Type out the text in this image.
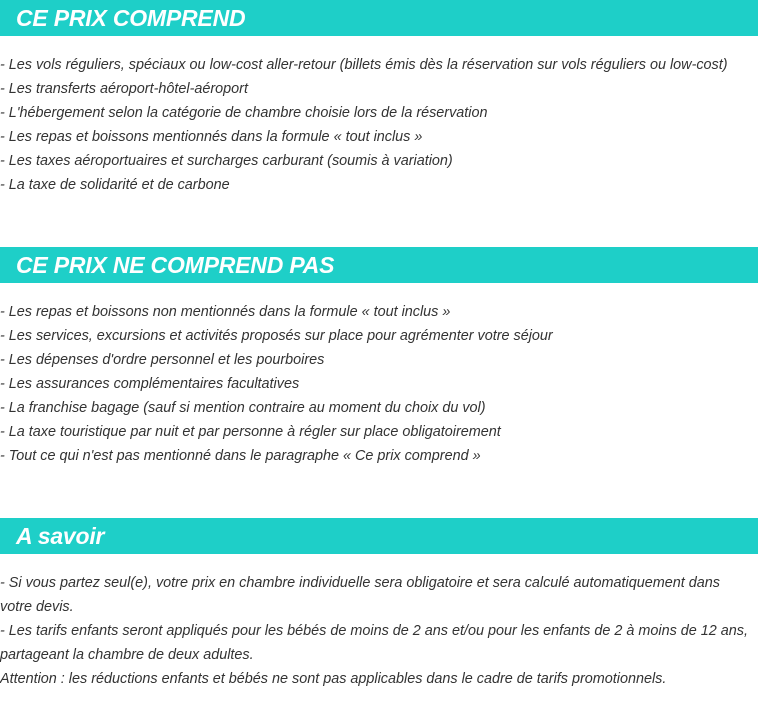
CE PRIX COMPREND
- Les vols réguliers, spéciaux ou low-cost aller-retour (billets émis dès la réservation sur vols réguliers ou low-cost)
- Les transferts aéroport-hôtel-aéroport
- L'hébergement selon la catégorie de chambre choisie lors de la réservation
- Les repas et boissons mentionnés dans la formule « tout inclus »
- Les taxes aéroportuaires et surcharges carburant (soumis à variation)
- La taxe de solidarité et de carbone
CE PRIX NE COMPREND PAS
- Les repas et boissons non mentionnés dans la formule « tout inclus »
- Les services, excursions et activités proposés sur place pour agrémenter votre séjour
- Les dépenses d'ordre personnel et les pourboires
- Les assurances complémentaires facultatives
- La franchise bagage (sauf si mention contraire au moment du choix du vol)
- La taxe touristique par nuit et par personne à régler sur place obligatoirement
- Tout ce qui n'est pas mentionné dans le paragraphe « Ce prix comprend »
A savoir

- Si vous partez seul(e), votre prix en chambre individuelle sera obligatoire et sera calculé automatiquement dans votre devis.

- Les tarifs enfants seront appliqués pour les bébés de moins de 2 ans et/ou pour les enfants de 2 à moins de 12 ans, partageant la chambre de deux adultes.

Attention : les réductions enfants et bébés ne sont pas applicables dans le cadre de tarifs promotionnels.
